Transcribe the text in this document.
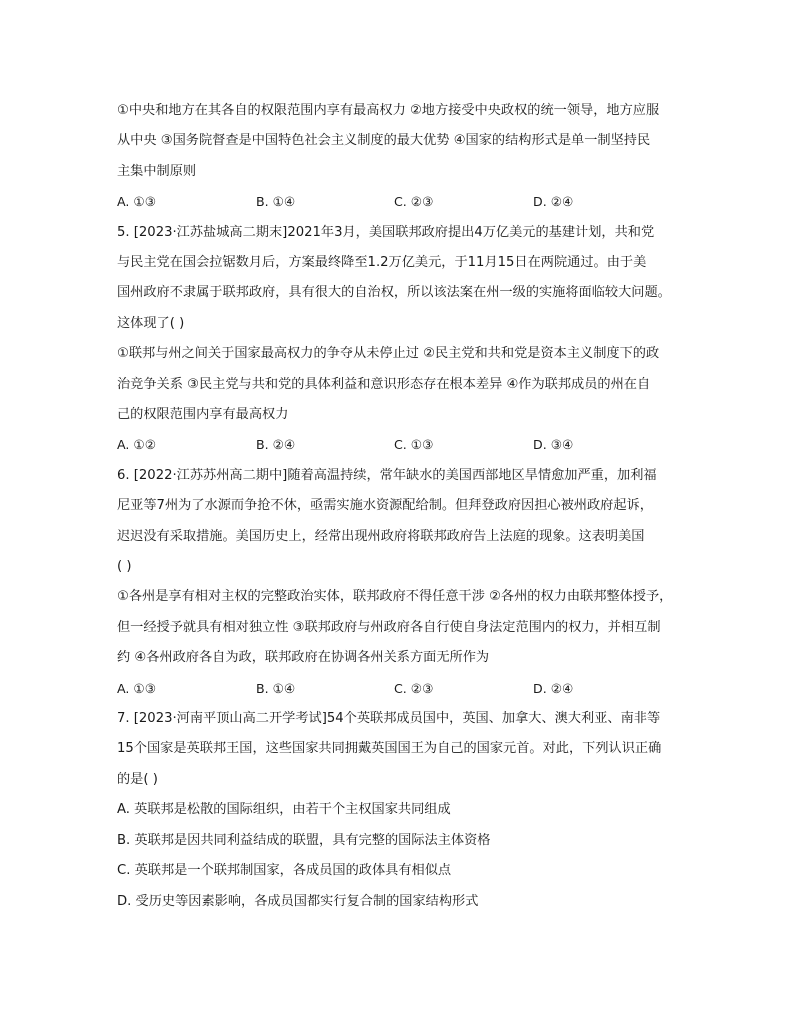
①中央和地方在其各自的权限范围内享有最高权力 ②地方接受中央政权的统一领导，地方应服
从中央 ③国务院督查是中国特色社会主义制度的最大优势 ④国家的结构形式是单一制坚持民
主集中制原则
A. ①③	B. ①④	C. ②③	D. ②④
5. [2023·江苏盐城高二期末]2021年3月，美国联邦政府提出4万亿美元的基建计划，共和党
与民主党在国会拉锯数月后，方案最终降至1.2万亿美元，于11月15日在两院通过。由于美
国州政府不隶属于联邦政府，具有很大的自治权，所以该法案在州一级的实施将面临较大问题。
这体现了( )
①联邦与州之间关于国家最高权力的争夺从未停止过 ②民主党和共和党是资本主义制度下的政
治竞争关系 ③民主党与共和党的具体利益和意识形态存在根本差异 ④作为联邦成员的州在自
己的权限范围内享有最高权力
A. ①②	B. ②④	C. ①③	D. ③④
6. [2022·江苏苏州高二期中]随着高温持续，常年缺水的美国西部地区旱情愈加严重，加利福
尼亚等7州为了水源而争抢不休，亟需实施水资源配给制。但拜登政府因担心被州政府起诉，
迟迟没有采取措施。美国历史上，经常出现州政府将联邦政府告上法庭的现象。这表明美国
( )
①各州是享有相对主权的完整政治实体，联邦政府不得任意干涉 ②各州的权力由联邦整体授予，
但一经授予就具有相对独立性 ③联邦政府与州政府各自行使自身法定范围内的权力，并相互制
约 ④各州政府各自为政，联邦政府在协调各州关系方面无所作为
A. ①③	B. ①④	C. ②③	D. ②④
7. [2023·河南平顶山高二开学考试]54个英联邦成员国中，英国、加拿大、澳大利亚、南非等
15个国家是英联邦王国，这些国家共同拥戴英国国王为自己的国家元首。对此，下列认识正确
的是( )
A. 英联邦是松散的国际组织，由若干个主权国家共同组成
B. 英联邦是因共同利益结成的联盟，具有完整的国际法主体资格
C. 英联邦是一个联邦制国家，各成员国的政体具有相似点
D. 受历史等因素影响，各成员国都实行复合制的国家结构形式
